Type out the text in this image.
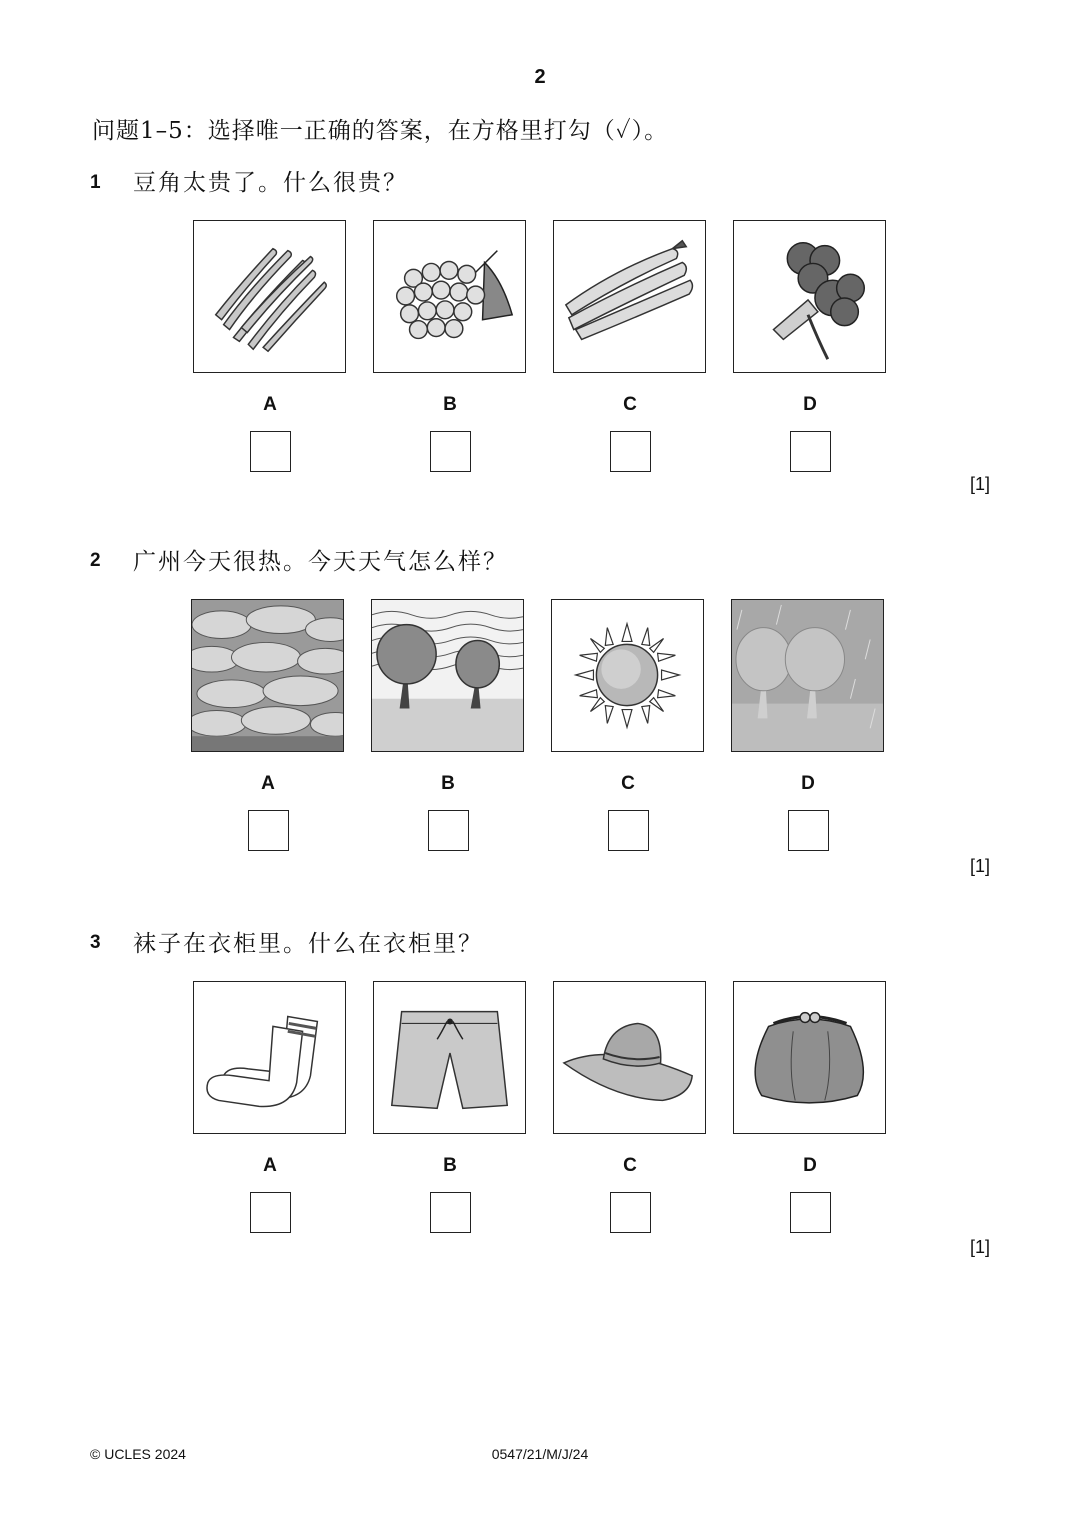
2
问题1–5：选择唯一正确的答案，在方格里打勾（✓）。
1 豆角太贵了。什么很贵？
A	B	C	D
[1]
2 广州今天很热。今天天气怎么样？
A	B	C	D
[1]
3 袜子在衣柜里。什么在衣柜里？
A	B	C	D
[1]
© UCLES 2024	0547/21/M/J/24
